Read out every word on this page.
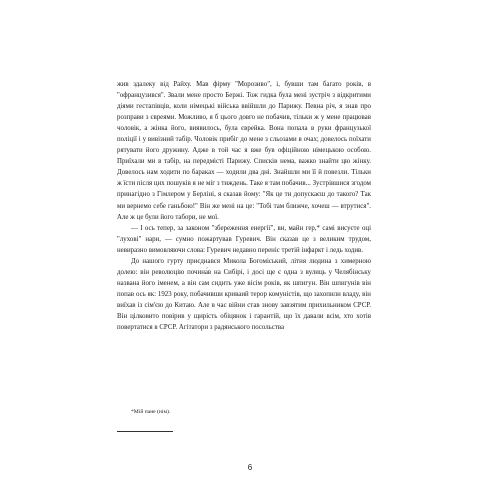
жив здалеку від Райху. Мав фірму "Морозиво", і, бувши там багато років, в "офранцузився". Звали мене просто Бержі. Тож гидка була мені зустріч з відкритими діями гестапівців, коли німецькі війська ввійшли до Парижу. Певна річ, я знав про розправи з євреями. Можливо, я б цього довго не побачив, тільки ж у мене працював чоловік, а жінка його, виявилось, була єврейка. Вона попала в руки французької поліції і у вивізний табір. Чоловік прибіг до мене з сльозами в очах; довелось поїхати рятувати його дружину. Адже в той час я вже був офіційною німецькою особою. Приїхали ми в табір, на передмісті Парижу. Списків нема, важко знайти цю жінку. Довелось нам ходити по бараках — ходили два дні. Знайшли ми її й повезли. Тільки ж їсти після цих пошуків я не міг з тиждень. Таке я там побачив... Зустрівшися згодом принагідно з Гімлером у Берліні, я сказав йому: "Як це ти допускаєш до такого? Так ми вернемо себе ганьбою!" Він же мені на це: "Тобі там ближче, хочеш — втрутися". Але ж це були його табори, не мої.

— І ось тепер, за законом "збереження енергії", ви, майн гер,* самі висуєте оці "лухові" нари, — сумно пожартував Гуревич. Він сказав це з великим трудом, невиразно вимовляючи слова: Гуревич недавно переніс третій інфаркт і ледь ходив.

До нашого гурту приєднався Микола Богоміський, літня людина з химерною долею: він революцію почина́в на Сибірі, і досі ще є одна з вулиць у Челябінську названа його іменем, а він сам сидить уже вісім років, як шпигун. Він шпигунів він попав ось як: 1923 року, побачивши криваий терор комуністів, що захопили владу, він виїхав із сім'єю до Китаю. Але в час війни став знову завзятим прихильником СРСР. Він цілковито повірив у щирість обіцянок і гарантій, що їх давали всім, хто хотів повертатися в СРСР. Агітатори з радянського посольства

*Мій пане (нім).
6
